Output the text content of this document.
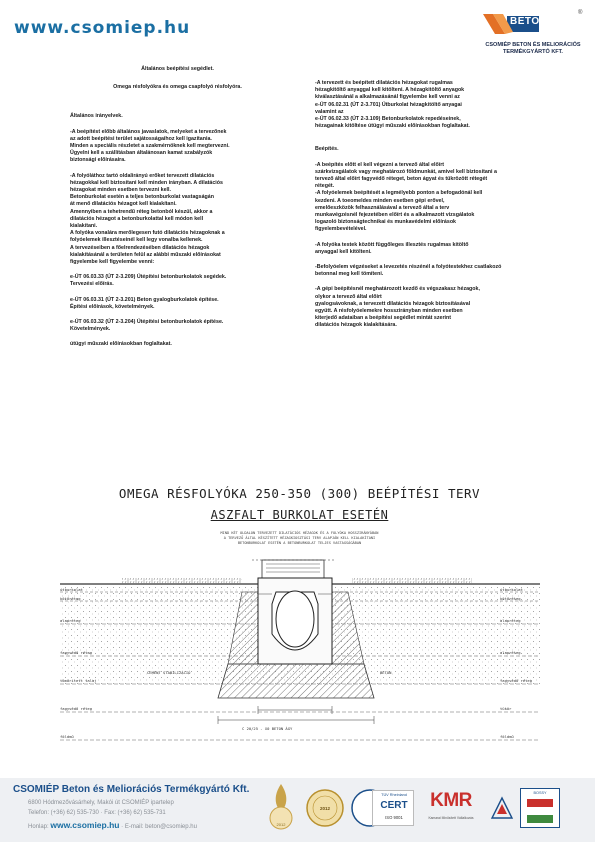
www.csomiep.hu	BETON
®
CSOMIÉP BETON ÉS MELIORÁCIÓS
TERMÉKGYÁRTÓ KFT.

Általános beépítési segédlet.

Omega résfolyókra és omega csapfolyó résfolyóra.

Általános irányelvek.

-A beépítést előbb általános javaslatok, melyeket a tervezőnek
az adott beépítési terület sajátosságaihoz kell igazítania.
Minden a speciális részletet a szakmérnöknek kell megtervezni.
Ügyelni kell a szállításban általánosan kamat szabályzók
biztonsági előírásaira.

-A folyóláthoz tartó oldalirányú erőket tervezett dilatációs
hézagokkal kell biztosítani kell minden irányban. A dilatációs
hézagokat minden esetben tervezni kell.
Betonburkolat esetén a teljes betonburkolat vastagságán
át menő dilatációs hézagot kell kialakítani.
Amennyiben a tehetrendű réteg betonból készül, akkor a
dilatációs hézagot a betonburkolattal kell módon kell
kialakítani.
A folyóka vonalára merőlegesen futó dilatációs hézagoknak a
folyóelemek illesztéseinél kell legy vonalba kellenek.
A tervezéseiben a főelrendezésében dilatációs hézagok
kialakításánál a területen felül az alábbi műszaki előírásokat
figyelembe kell figyelembe venni:

e-ÚT 06.03.33 (ÚT 2-3.209) Útépítési betonburkolatok segédek.
Tervezési előírás.

e-ÚT 06.03.31 (ÚT 2-3.201) Beton gyalogburkolatok építése.
Építési előírások, követelmények.

e-ÚT 06.03.32 (ÚT 2-3.204) Útépítési betonburkolatok építése.
Követelmények.

útügyi műszaki előírásokban foglaltakat.

-A tervezett és beépített dilatációs hézagokat rugalmas
hézagkitöltő anyaggal kell kitölteni. A hézagkitöltő anyagok
kiválasztásánál a alkalmazásánál figyelembe kell venni az
e-ÚT 06.02.31 (ÚT 2-3.701) Útburkolat hézagkitöltő anyagai
valamint az
e-ÚT 06.02.33 (ÚT 2-3.109) Betonburkolatok repedéseinek,
hézagainak kitöltése útügyi műszaki előírásokban foglaltakat.

Beépítés.

-A beépítés előtt el kell végezni a tervező által előírt
szárkvizsgálatok vagy meghatározó földmunkát, amivel kell biztosítani a
tervező által előírt fagyvédő réteget, beton ágyat és tükrözött rétegét
rétegét.
-A folyóelemek beépítését a legmélyebb ponton a befogadónál kell
kezdeni. A toeomeldes minden esetben gépi erővel,
emelőeszközök felhasználásával a tervező által a terv
munkavégzésnél fejezetében előírt és a alkalmazott vizsgálatok
logazoló biztonságtechnikai és munkavédelmi előírások
figyelembevételével.

-A folyóka testek között függőleges illesztés rugalmas kitöltő
anyaggal kell kitölteni.

-Befolyóelem végzéseket a levezetés részénél a folyótestekhez csatlakozó
betonnal meg kell tömíteni.

-A gépi beépítésnél meghatározott kezdő és végszakasz hézagok,
olykor a tervező által előírt
gyalogsávoknak, a tervezett dilatációs hézagok biztosításával
együtt. A résfolyóelemekre hosszirányban minden esetben
kiterjedő adataiban a beépítési segédlet mintát szerint
dilatációs hézagok kialakítására.

OMEGA RÉSFOLYÓKA 250-350 (300) BEÉPÍTÉSI TERV
ASZFALT BURKOLAT ESETÉN
MIND KÉT OLDALON TERVEZETT DILATÁCIÓS HÉZAGOK ÉS A FOLYÓKA HOSSZIRÁNYÁBAN
A TERVEZŐ ÁLTAL KÉSZÍTETT HÉZAGKIOSZTÁSI TERV ALAPJÁN KELL KIALAKÍTANI
BETONBURKOLAT ESETÉN A BETONBURKOLAT TELJES VASTAGSÁGÁBAN
útburkolat
kötőréteg
alapréteg
fagyvédő réteg
tömörített talaj
fagyvédő réteg
földmű
útburkolat
kötőréteg
alapréteg
alapréteg
fagyvédő réteg
tükör
földmű
CEMENT STABILIZÁCIÓ	BETON
C 20/25 - X0 BETON ÁGY
CSOMIÉP Beton és Meliorációs Termékgyártó Kft.
6800 Hódmezővásárhely, Makói út CSOMIÉP ipartelep
Telefon: (+36) 62) 535-730 · Fax: (+36) 62) 535-731
Honlap: www.csomiep.hu · E-mail: beton@csomiep.hu	2012
2012
TÜV Rheinland
CERT
ISO 9001
KMR
Kamarai Minősített Vállalkozás
BOSSY
